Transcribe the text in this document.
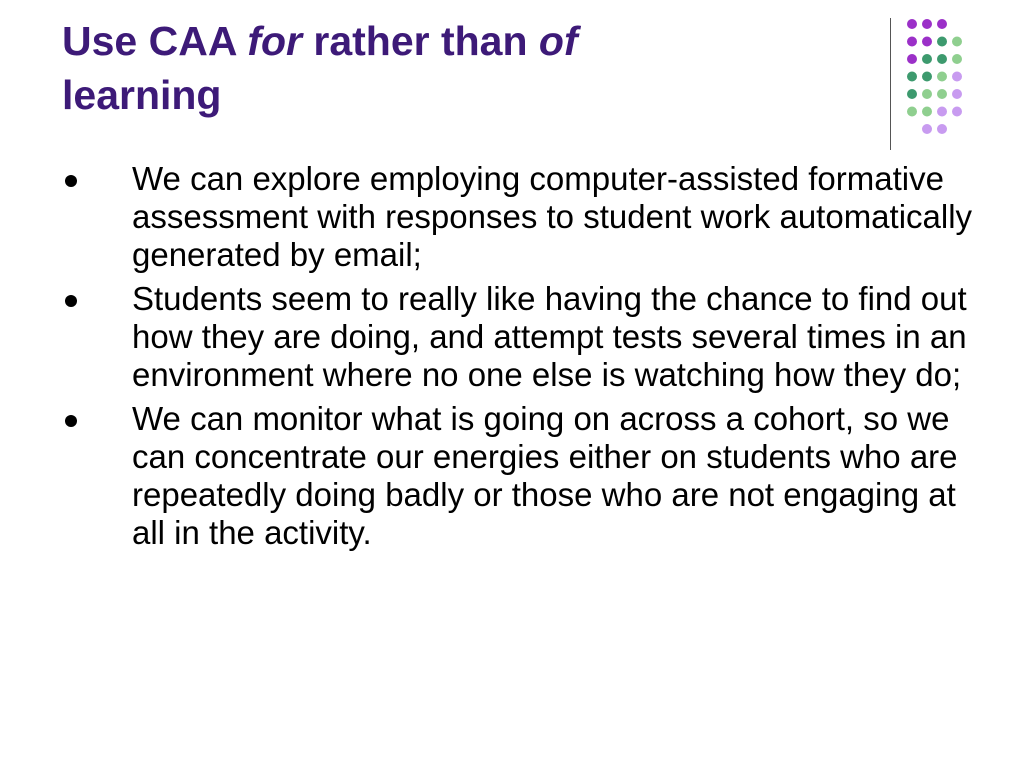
Use CAA for rather than of
learning
We can explore employing computer-assisted formative assessment with responses to student work automatically generated by email;
Students seem to really like having the chance to find out how they are doing, and attempt tests several times in an environment where no one else is watching how they do;
We can monitor what is going on across a cohort, so we can concentrate our energies either on students who are repeatedly doing badly or those who are not engaging at all in the activity.
